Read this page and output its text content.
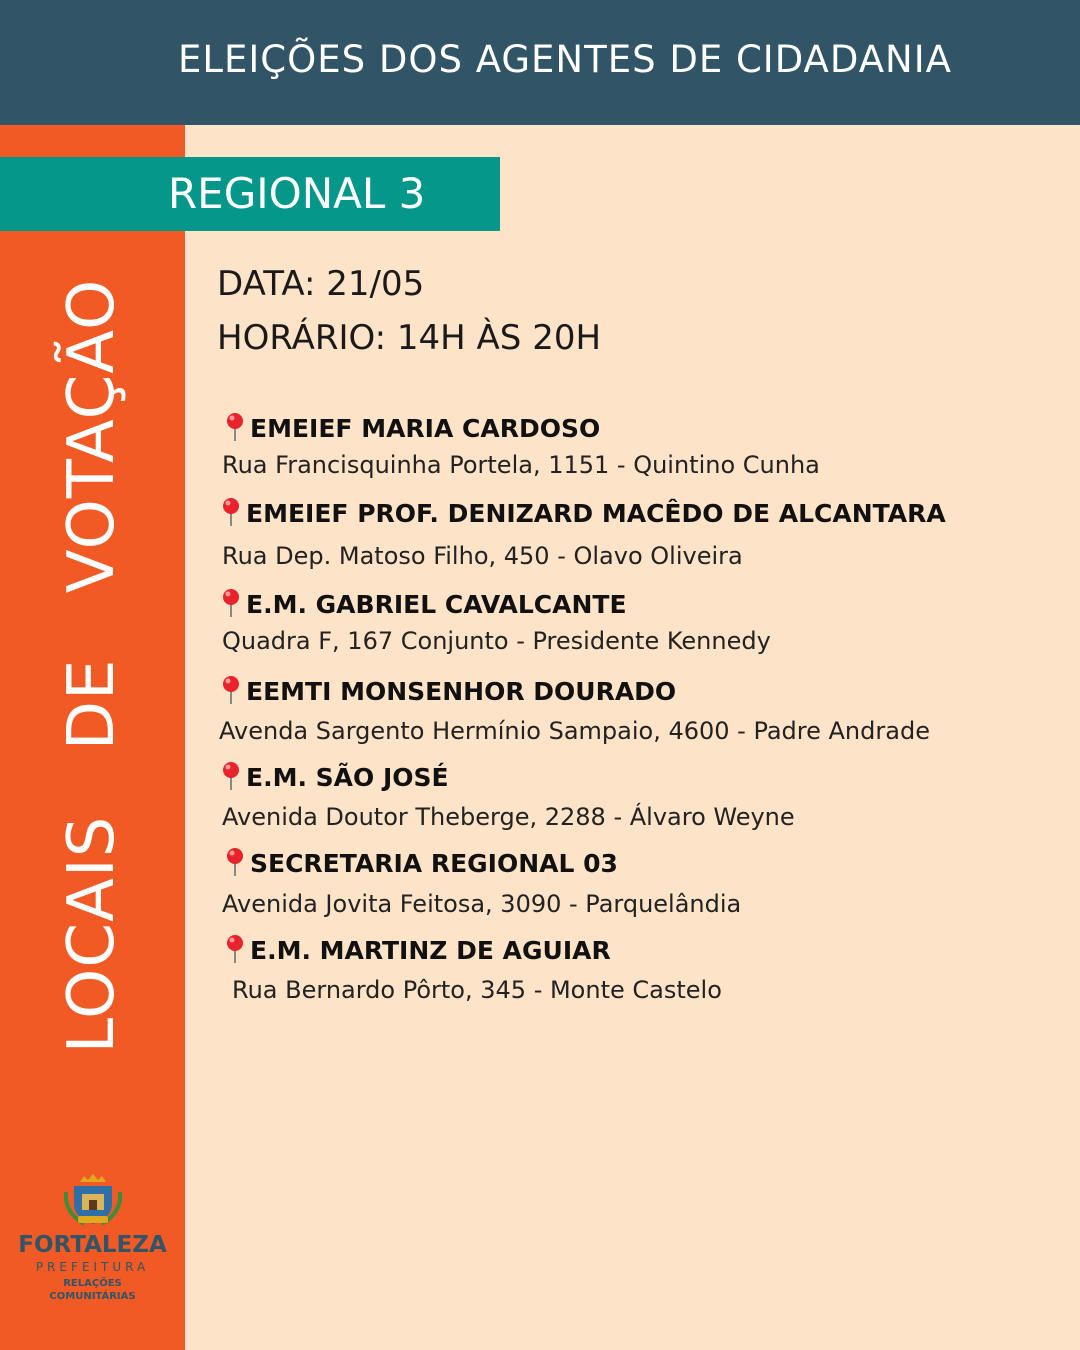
ELEIÇÕES DOS AGENTES DE CIDADANIA
FORTALEZA
PREFEITURA
RELAÇÕES
COMUNITÁRIAS
LOCAIS DE VOTAÇÃO
REGIONAL 3
DATA: 21/05
HORÁRIO: 14H ÀS 20H
EMEIEF MARIA CARDOSO
Rua Francisquinha Portela, 1151 - Quintino Cunha
EMEIEF PROF. DENIZARD MACÊDO DE ALCANTARA
Rua Dep. Matoso Filho, 450 - Olavo Oliveira
E.M. GABRIEL CAVALCANTE
Quadra F, 167 Conjunto - Presidente Kennedy
EEMTI MONSENHOR DOURADO
Avenda Sargento Hermínio Sampaio, 4600 - Padre Andrade
E.M. SÃO JOSÉ
Avenida Doutor Theberge, 2288 - Álvaro Weyne
SECRETARIA REGIONAL 03
Avenida Jovita Feitosa, 3090 - Parquelândia
E.M. MARTINZ DE AGUIAR
Rua Bernardo Pôrto, 345 - Monte Castelo
